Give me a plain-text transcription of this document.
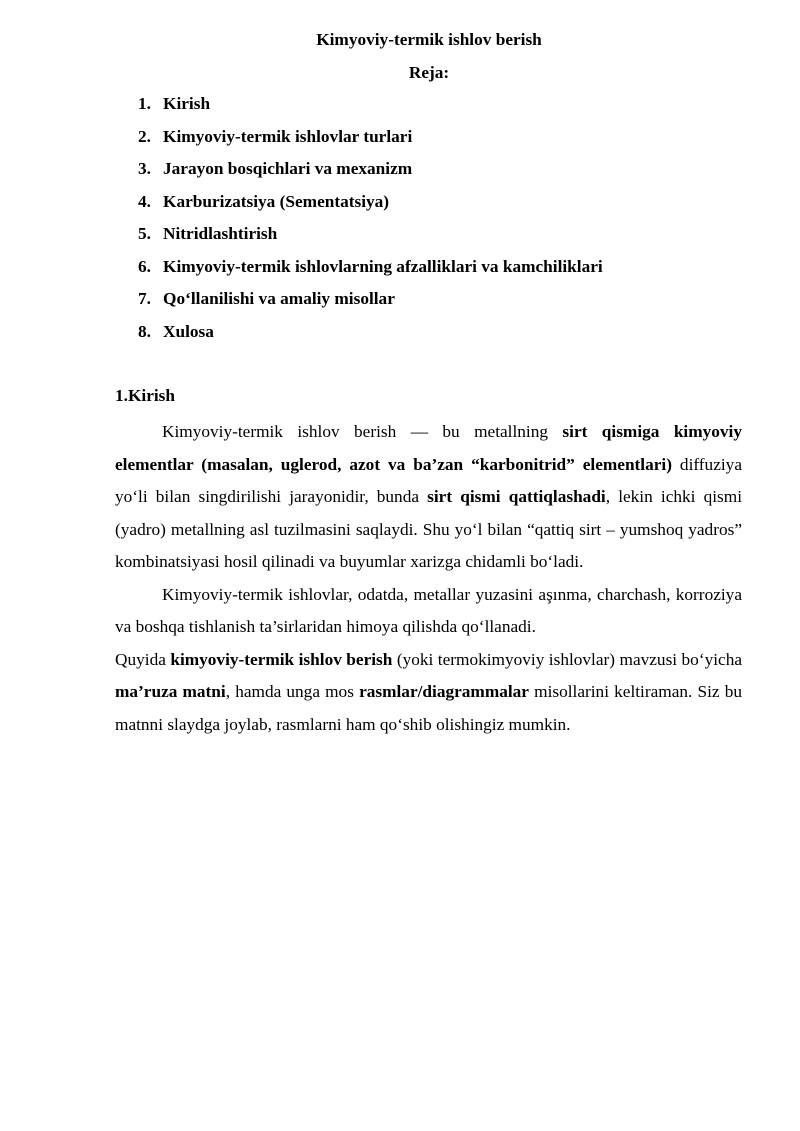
Kimyoviy-termik ishlov berish
Reja:
1. Kirish
2. Kimyoviy-termik ishlovlar turlari
3. Jarayon bosqichlari va mexanizm
4. Karburizatsiya (Sementatsiya)
5. Nitridlashtirish
6. Kimyoviy-termik ishlovlarning afzalliklari va kamchiliklari
7. Qo‘llanilishi va amaliy misollar
8. Xulosa
1.Kirish

Kimyoviy-termik ishlov berish — bu metallning sirt qismiga kimyoviy elementlar (masalan, uglerod, azot va ba’zan “karbonitrid” elementlari) diffuziya yo‘li bilan singdirilishi jarayonidir, bunda sirt qismi qattiqlashadi, lekin ichki qismi (yadro) metallning asl tuzilmasini saqlaydi. Shu yo‘l bilan “qattiq sirt – yumshoq yadros” kombinatsiyasi hosil qilinadi va buyumlar xarizga chidamli bo‘ladi.

Kimyoviy-termik ishlovlar, odatda, metallar yuzasini aşınma, charchash, korroziya va boshqa tishlanish ta’sirlaridan himoya qilishda qo‘llanadi.

Quyida kimyoviy-termik ishlov berish (yoki termokimyoviy ishlovlar) mavzusi bo‘yicha ma’ruza matni, hamda unga mos rasmlar/diagrammalar misollarini keltiraman. Siz bu matnni slaydga joylab, rasmlarni ham qo‘shib olishingiz mumkin.
